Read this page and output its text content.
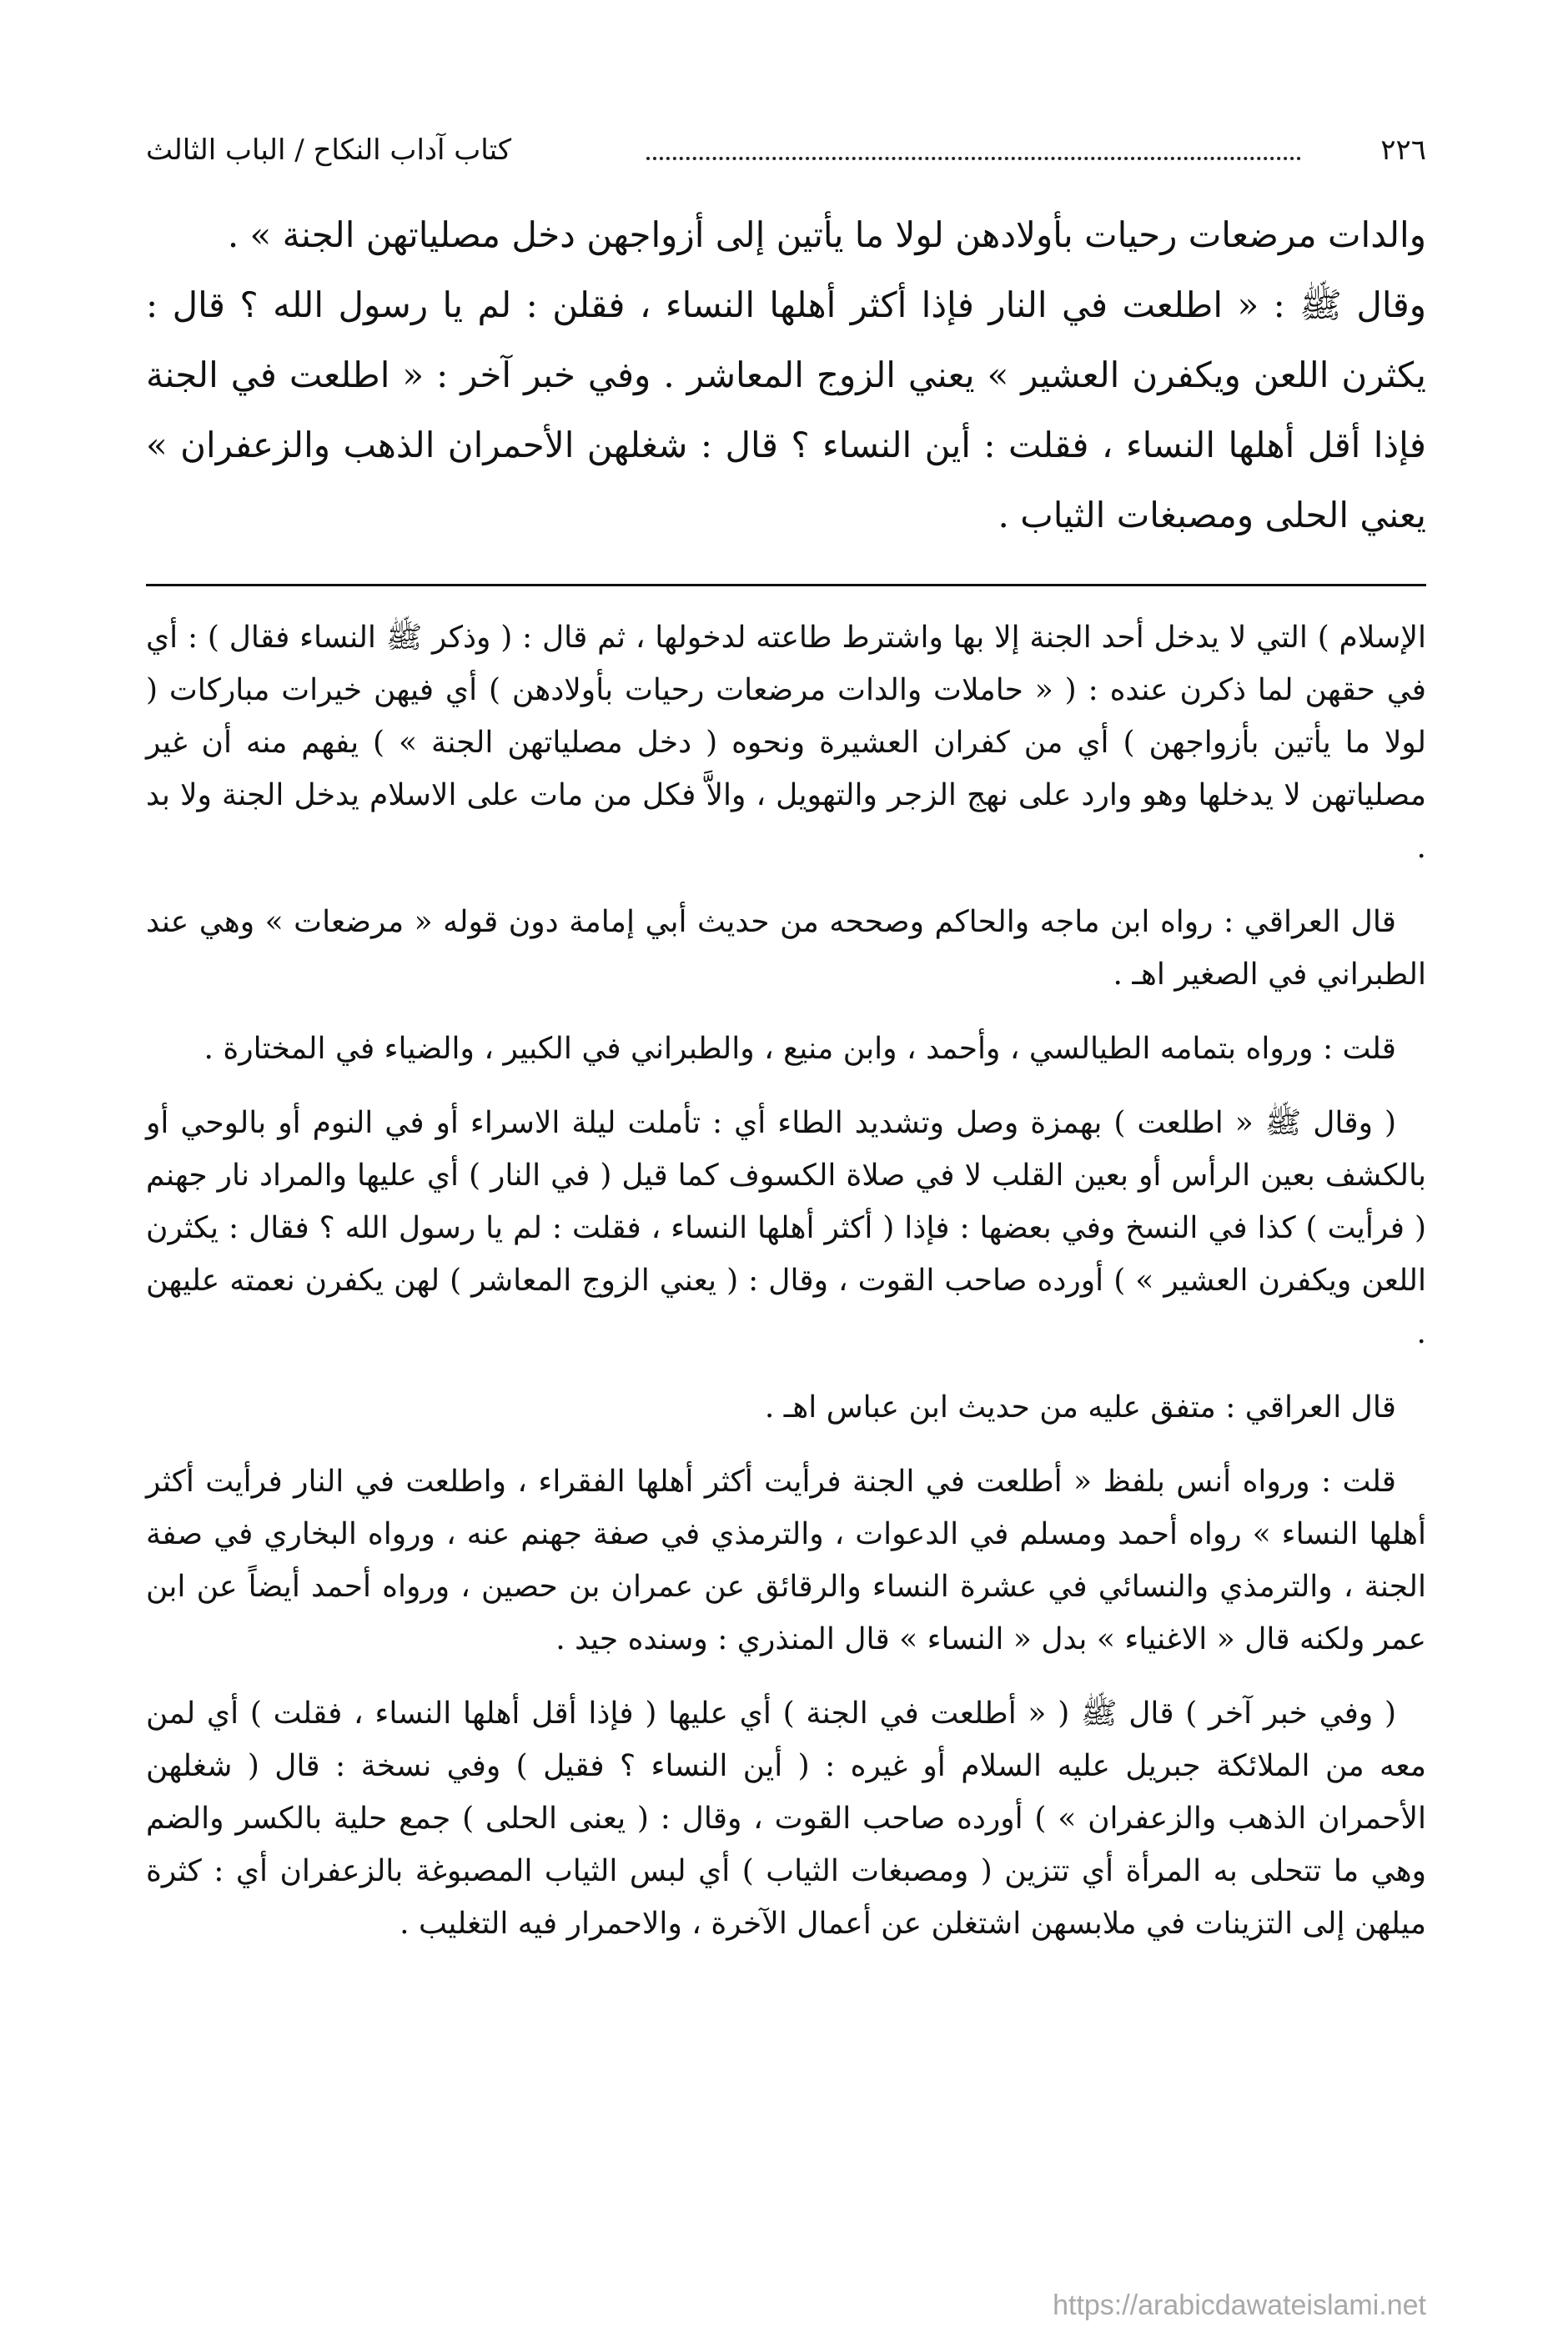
٢٢٦
كتاب آداب النكاح / الباب الثالث

والدات مرضعات رحيات بأولادهن لولا ما يأتين إلى أزواجهن دخل مصلياتهن الجنة » .

وقال ﷺ : « اطلعت في النار فإذا أكثر أهلها النساء ، فقلن : لم يا رسول الله ؟ قال : يكثرن اللعن ويكفرن العشير » يعني الزوج المعاشر . وفي خبر آخر : « اطلعت في الجنة فإذا أقل أهلها النساء ، فقلت : أين النساء ؟ قال : شغلهن الأحمران الذهب والزعفران » يعني الحلى ومصبغات الثياب .

الإسلام ) التي لا يدخل أحد الجنة إلا بها واشترط طاعته لدخولها ، ثم قال : ( وذكر ﷺ النساء فقال ) : أي في حقهن لما ذكرن عنده : ( « حاملات والدات مرضعات رحيات بأولادهن ) أي فيهن خيرات مباركات ( لولا ما يأتين بأزواجهن ) أي من كفران العشيرة ونحوه ( دخل مصلياتهن الجنة » ) يفهم منه أن غير مصلياتهن لا يدخلها وهو وارد على نهج الزجر والتهويل ، والاَّ فكل من مات على الاسلام يدخل الجنة ولا بد .

قال العراقي : رواه ابن ماجه والحاكم وصححه من حديث أبي إمامة دون قوله « مرضعات » وهي عند الطبراني في الصغير اهـ .

قلت : ورواه بتمامه الطيالسي ، وأحمد ، وابن منيع ، والطبراني في الكبير ، والضياء في المختارة .

( وقال ﷺ « اطلعت ) بهمزة وصل وتشديد الطاء أي : تأملت ليلة الاسراء أو في النوم أو بالوحي أو بالكشف بعين الرأس أو بعين القلب لا في صلاة الكسوف كما قيل ( في النار ) أي عليها والمراد نار جهنم ( فرأيت ) كذا في النسخ وفي بعضها : فإذا ( أكثر أهلها النساء ، فقلت : لم يا رسول الله ؟ فقال : يكثرن اللعن ويكفرن العشير » ) أورده صاحب القوت ، وقال : ( يعني الزوج المعاشر ) لهن يكفرن نعمته عليهن .

قال العراقي : متفق عليه من حديث ابن عباس اهـ .

قلت : ورواه أنس بلفظ « أطلعت في الجنة فرأيت أكثر أهلها الفقراء ، واطلعت في النار فرأيت أكثر أهلها النساء » رواه أحمد ومسلم في الدعوات ، والترمذي في صفة جهنم عنه ، ورواه البخاري في صفة الجنة ، والترمذي والنسائي في عشرة النساء والرقائق عن عمران بن حصين ، ورواه أحمد أيضاً عن ابن عمر ولكنه قال « الاغنياء » بدل « النساء » قال المنذري : وسنده جيد .

( وفي خبر آخر ) قال ﷺ ( « أطلعت في الجنة ) أي عليها ( فإذا أقل أهلها النساء ، فقلت ) أي لمن معه من الملائكة جبريل عليه السلام أو غيره : ( أين النساء ؟ فقيل ) وفي نسخة : قال ( شغلهن الأحمران الذهب والزعفران » ) أورده صاحب القوت ، وقال : ( يعنى الحلى ) جمع حلية بالكسر والضم وهي ما تتحلى به المرأة أي تتزين ( ومصبغات الثياب ) أي لبس الثياب المصبوغة بالزعفران أي : كثرة ميلهن إلى التزينات في ملابسهن اشتغلن عن أعمال الآخرة ، والاحمرار فيه التغليب .

https://arabicdawateislami.net
